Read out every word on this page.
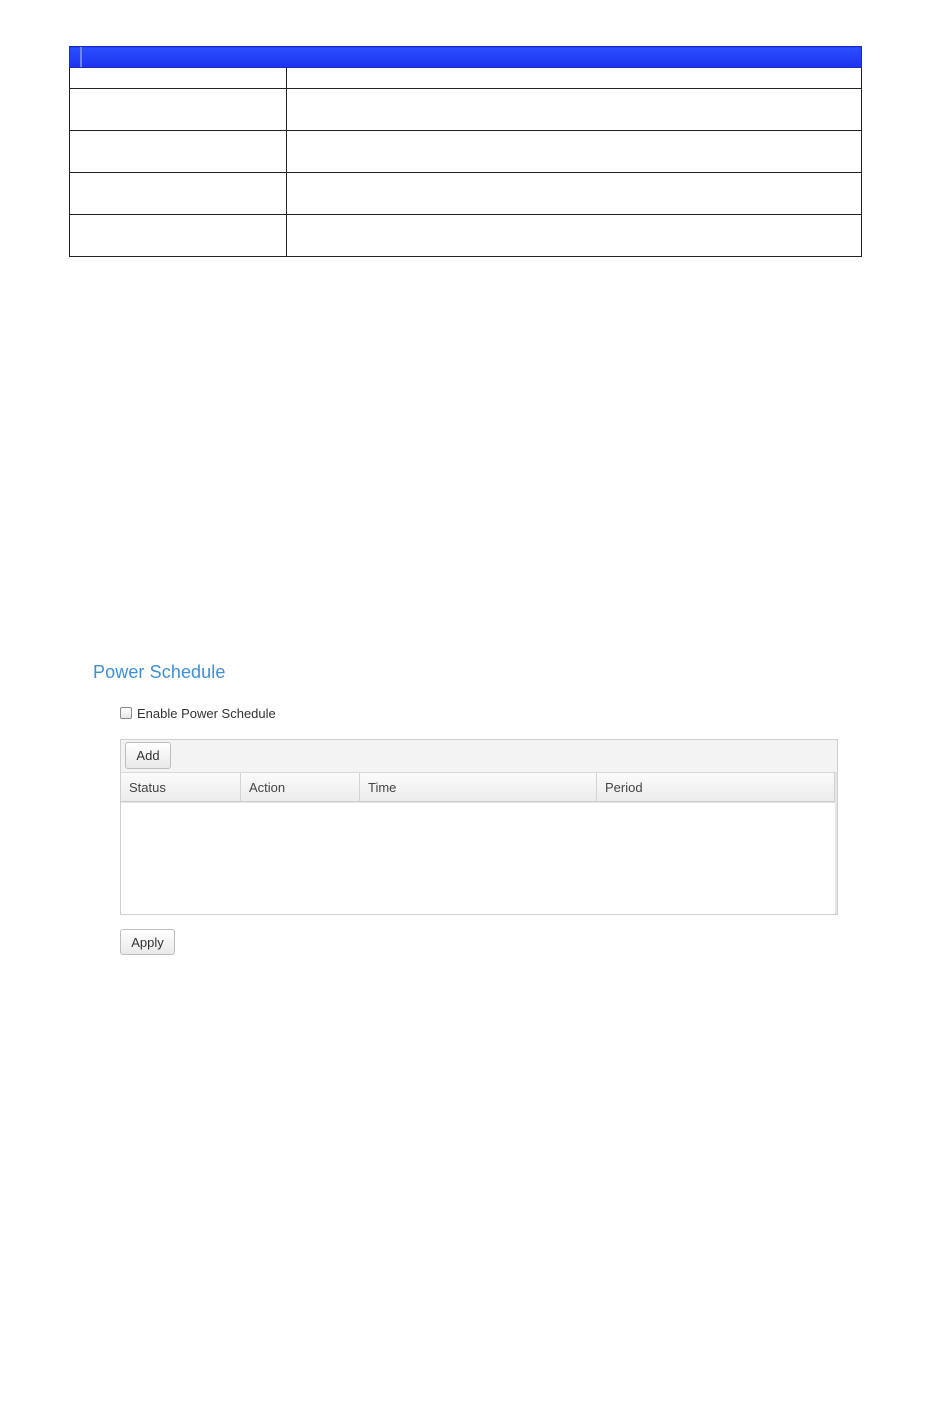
Power Schedule
Enable Power Schedule
Add
Status	Action	Time	Period
Apply
